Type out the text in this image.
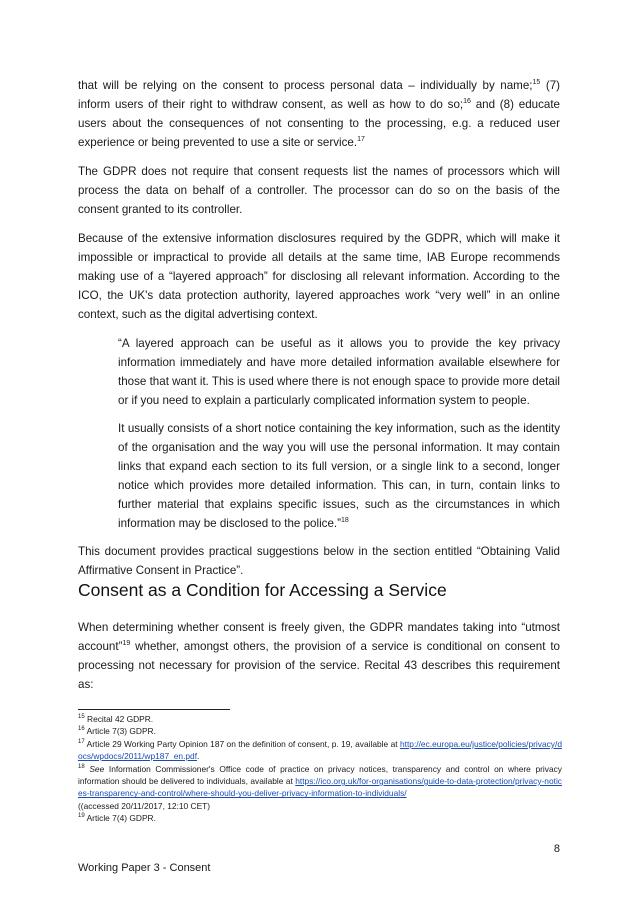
that will be relying on the consent to process personal data – individually by name;$^{15}$ (7) inform users of their right to withdraw consent, as well as how to do so;$^{16}$ and (8) educate users about the consequences of not consenting to the processing, e.g. a reduced user experience or being prevented to use a site or service.$^{17}$

The GDPR does not require that consent requests list the names of processors which will process the data on behalf of a controller. The processor can do so on the basis of the consent granted to its controller.

Because of the extensive information disclosures required by the GDPR, which will make it impossible or impractical to provide all details at the same time, IAB Europe recommends making use of a “layered approach” for disclosing all relevant information. According to the ICO, the UK's data protection authority, layered approaches work “very well” in an online context, such as the digital advertising context.

“A layered approach can be useful as it allows you to provide the key privacy information immediately and have more detailed information available elsewhere for those that want it. This is used where there is not enough space to provide more detail or if you need to explain a particularly complicated information system to people.

It usually consists of a short notice containing the key information, such as the identity of the organisation and the way you will use the personal information. It may contain links that expand each section to its full version, or a single link to a second, longer notice which provides more detailed information. This can, in turn, contain links to further material that explains specific issues, such as the circumstances in which information may be disclosed to the police.”$^{18}$

This document provides practical suggestions below in the section entitled “Obtaining Valid Affirmative Consent in Practice”.

Consent as a Condition for Accessing a Service

When determining whether consent is freely given, the GDPR mandates taking into “utmost account”$^{19}$ whether, amongst others, the provision of a service is conditional on consent to processing not necessary for provision of the service. Recital 43 describes this requirement as:

$^{15}$ Recital 42 GDPR.

$^{16}$ Article 7(3) GDPR.

$^{17}$ Article 29 Working Party Opinion 187 on the definition of consent, p. 19, available at http://ec.europa.eu/justice/policies/privacy/docs/wpdocs/2011/wp187_en.pdf.

$^{18}$ See Information Commissioner's Office code of practice on privacy notices, transparency and control on where privacy information should be delivered to individuals, available at https://ico.org.uk/for-organisations/guide-to-data-protection/privacy-notices-transparency-and-control/where-should-you-deliver-privacy-information-to-individuals/
((accessed 20/11/2017, 12:10 CET)

$^{19}$ Article 7(4) GDPR.

8
Working Paper 3 - Consent
